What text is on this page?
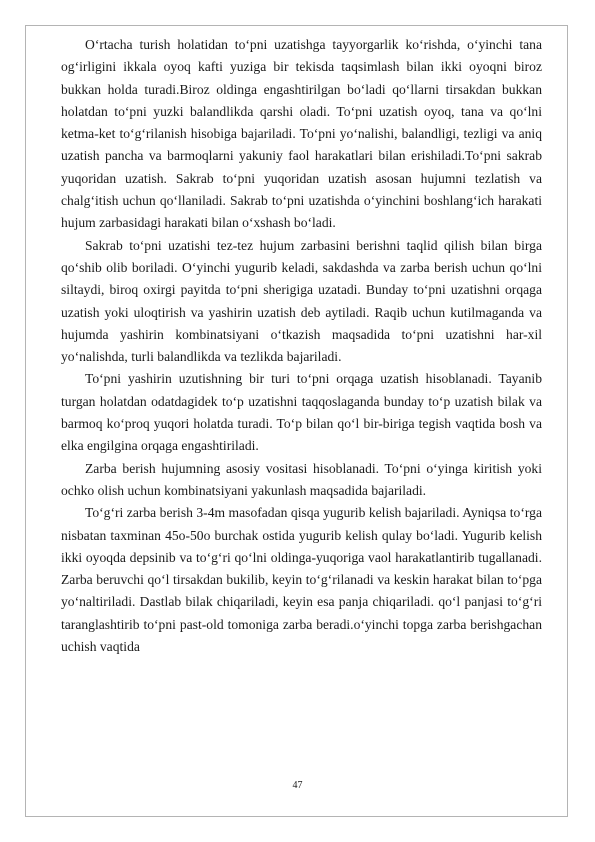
O‘rtacha turish holatidan to‘pni uzatishga tayyorgarlik ko‘rishda, o‘yinchi tana og‘irligini ikkala oyoq kafti yuziga bir tekisda taqsimlash bilan ikki oyoqni biroz bukkan holda turadi.Biroz oldinga engashtirilgan bo‘ladi qo‘llarni tirsakdan bukkan holatdan to‘pni yuzki balandlikda qarshi oladi. To‘pni uzatish oyoq, tana va qo‘lni ketma-ket to‘g‘rilanish hisobiga bajariladi. To‘pni yo‘nalishi, balandligi, tezligi va aniq uzatish pancha va barmoqlarni yakuniy faol harakatlari bilan erishiladi.To‘pni sakrab yuqoridan uzatish. Sakrab to‘pni yuqoridan uzatish asosan hujumni tezlatish va chalg‘itish uchun qo‘llaniladi. Sakrab to‘pni uzatishda o‘yinchini boshlang‘ich harakati hujum zarbasidagi harakati bilan o‘xshash bo‘ladi.

Sakrab to‘pni uzatishi tez-tez hujum zarbasini berishni taqlid qilish bilan birga qo‘shib olib boriladi. O‘yinchi yugurib keladi, sakdashda va zarba berish uchun qo‘lni siltaydi, biroq oxirgi payitda to‘pni sherigiga uzatadi. Bunday to‘pni uzatishni orqaga uzatish yoki uloqtirish va yashirin uzatish deb aytiladi. Raqib uchun kutilmaganda va hujumda yashirin kombinatsiyani o‘tkazish maqsadida to‘pni uzatishni har-xil yo‘nalishda, turli balandlikda va tezlikda bajariladi.

To‘pni yashirin uzutishning bir turi to‘pni orqaga uzatish hisoblanadi. Tayanib turgan holatdan odatdagidek to‘p uzatishni taqqoslaganda bunday to‘p uzatish bilak va barmoq ko‘proq yuqori holatda turadi. To‘p bilan qo‘l bir-biriga tegish vaqtida bosh va elka engilgina orqaga engashtiriladi.

Zarba berish hujumning asosiy vositasi hisoblanadi. To‘pni o‘yinga kiritish yoki ochko olish uchun kombinatsiyani yakunlash maqsadida bajariladi.

To‘g‘ri zarba berish 3-4m masofadan qisqa yugurib kelish bajariladi. Ayniqsa to‘rga nisbatan taxminan 45o-50o burchak ostida yugurib kelish qulay bo‘ladi. Yugurib kelish ikki oyoqda depsinib va to‘g‘ri qo‘lni oldinga-yuqoriga vaol harakatlantirib tugallanadi. Zarba beruvchi qo‘l tirsakdan bukilib, keyin to‘g‘rilanadi va keskin harakat bilan to‘pga yo‘naltiriladi. Dastlab bilak chiqariladi, keyin esa panja chiqariladi. qo‘l panjasi to‘g‘ri taranglashtirib to‘pni past-old tomoniga zarba beradi.o‘yinchi topga zarba berishgachan uchish vaqtida

47
